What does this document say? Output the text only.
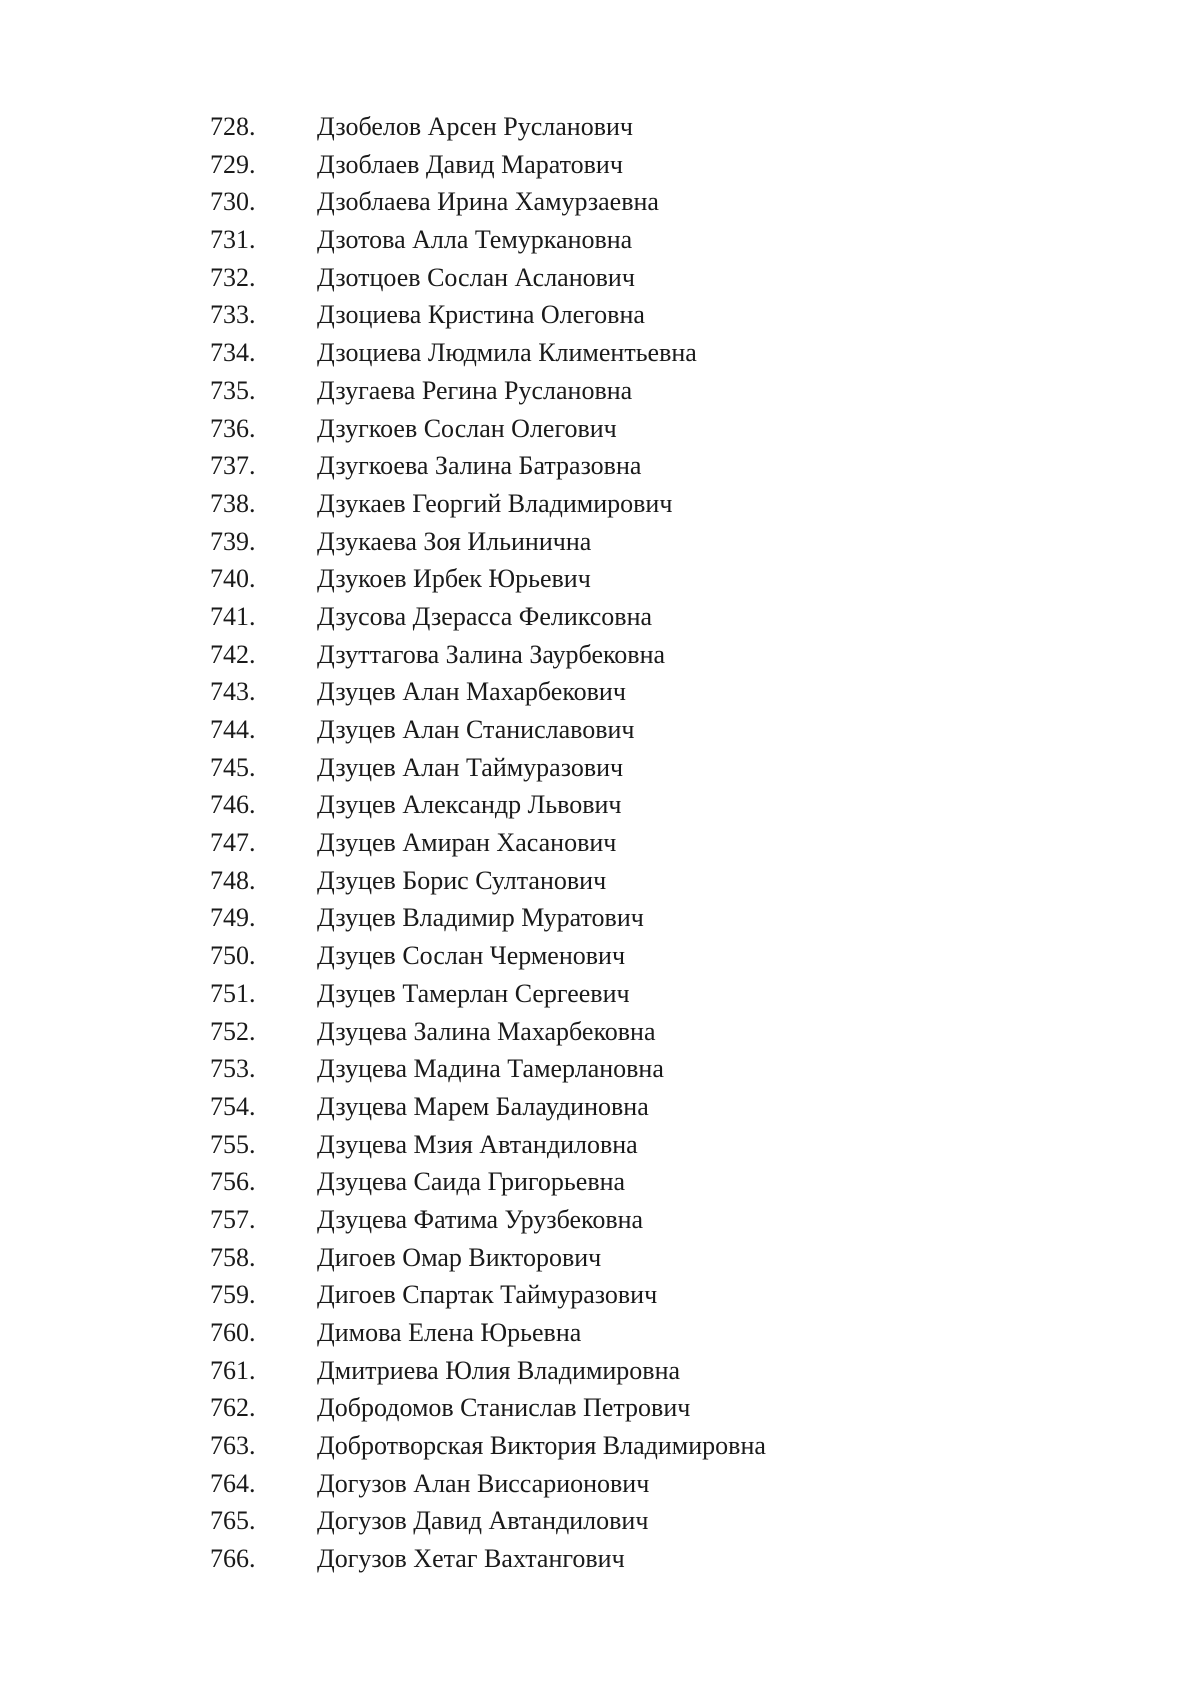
728.	Дзобелов Арсен Русланович
729.	Дзоблаев Давид Маратович
730.	Дзоблаева Ирина Хамурзаевна
731.	Дзотова Алла Темуркановна
732.	Дзотцоев Сослан Асланович
733.	Дзоциева Кристина Олеговна
734.	Дзоциева Людмила Климентьевна
735.	Дзугаева Регина Руслановна
736.	Дзугкоев Сослан Олегович
737.	Дзугкоева Залина Батразовна
738.	Дзукаев Георгий Владимирович
739.	Дзукаева Зоя Ильинична
740.	Дзукоев Ирбек Юрьевич
741.	Дзусова Дзерасса Феликсовна
742.	Дзуттагова Залина Заурбековна
743.	Дзуцев Алан Махарбекович
744.	Дзуцев Алан Станиславович
745.	Дзуцев Алан Таймуразович
746.	Дзуцев Александр Львович
747.	Дзуцев Амиран Хасанович
748.	Дзуцев Борис Султанович
749.	Дзуцев Владимир Муратович
750.	Дзуцев Сослан Черменович
751.	Дзуцев Тамерлан Сергеевич
752.	Дзуцева Залина Махарбековна
753.	Дзуцева Мадина Тамерлановна
754.	Дзуцева Марем Балаудиновна
755.	Дзуцева Мзия Автандиловна
756.	Дзуцева Саида Григорьевна
757.	Дзуцева Фатима Урузбековна
758.	Дигоев Омар Викторович
759.	Дигоев Спартак Таймуразович
760.	Димова Елена Юрьевна
761.	Дмитриева Юлия Владимировна
762.	Добродомов Станислав Петрович
763.	Добротворская Виктория Владимировна
764.	Догузов Алан Виссарионович
765.	Догузов Давид Автандилович
766.	Догузов Хетаг Вахтангович
